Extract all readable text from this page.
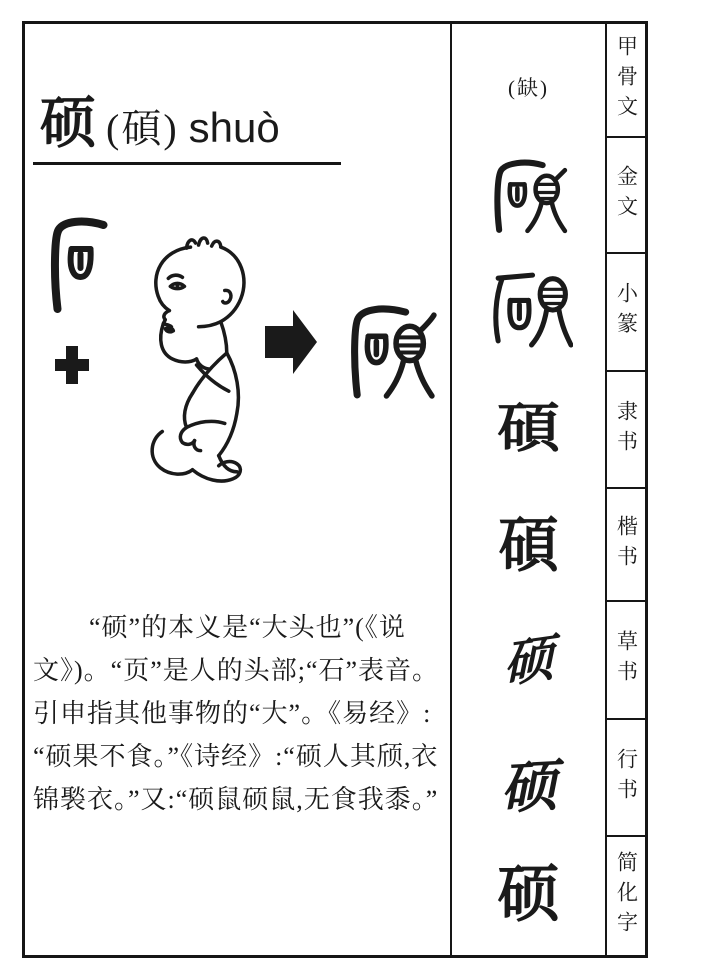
硕 (碩) shuò
“硕”的本义是“大头也”(《说
文》)。“页”是人的头部;“石”表音。
引申指其他事物的“大”。《易经》:
“硕果不食。”《诗经》:“硕人其颀,衣
锦褧衣。”又:“硕鼠硕鼠,无食我黍。”
(缺)
碩
碩
硕
硕
硕
甲骨文
金文
小篆
隶书
楷书
草书
行书
简化字
